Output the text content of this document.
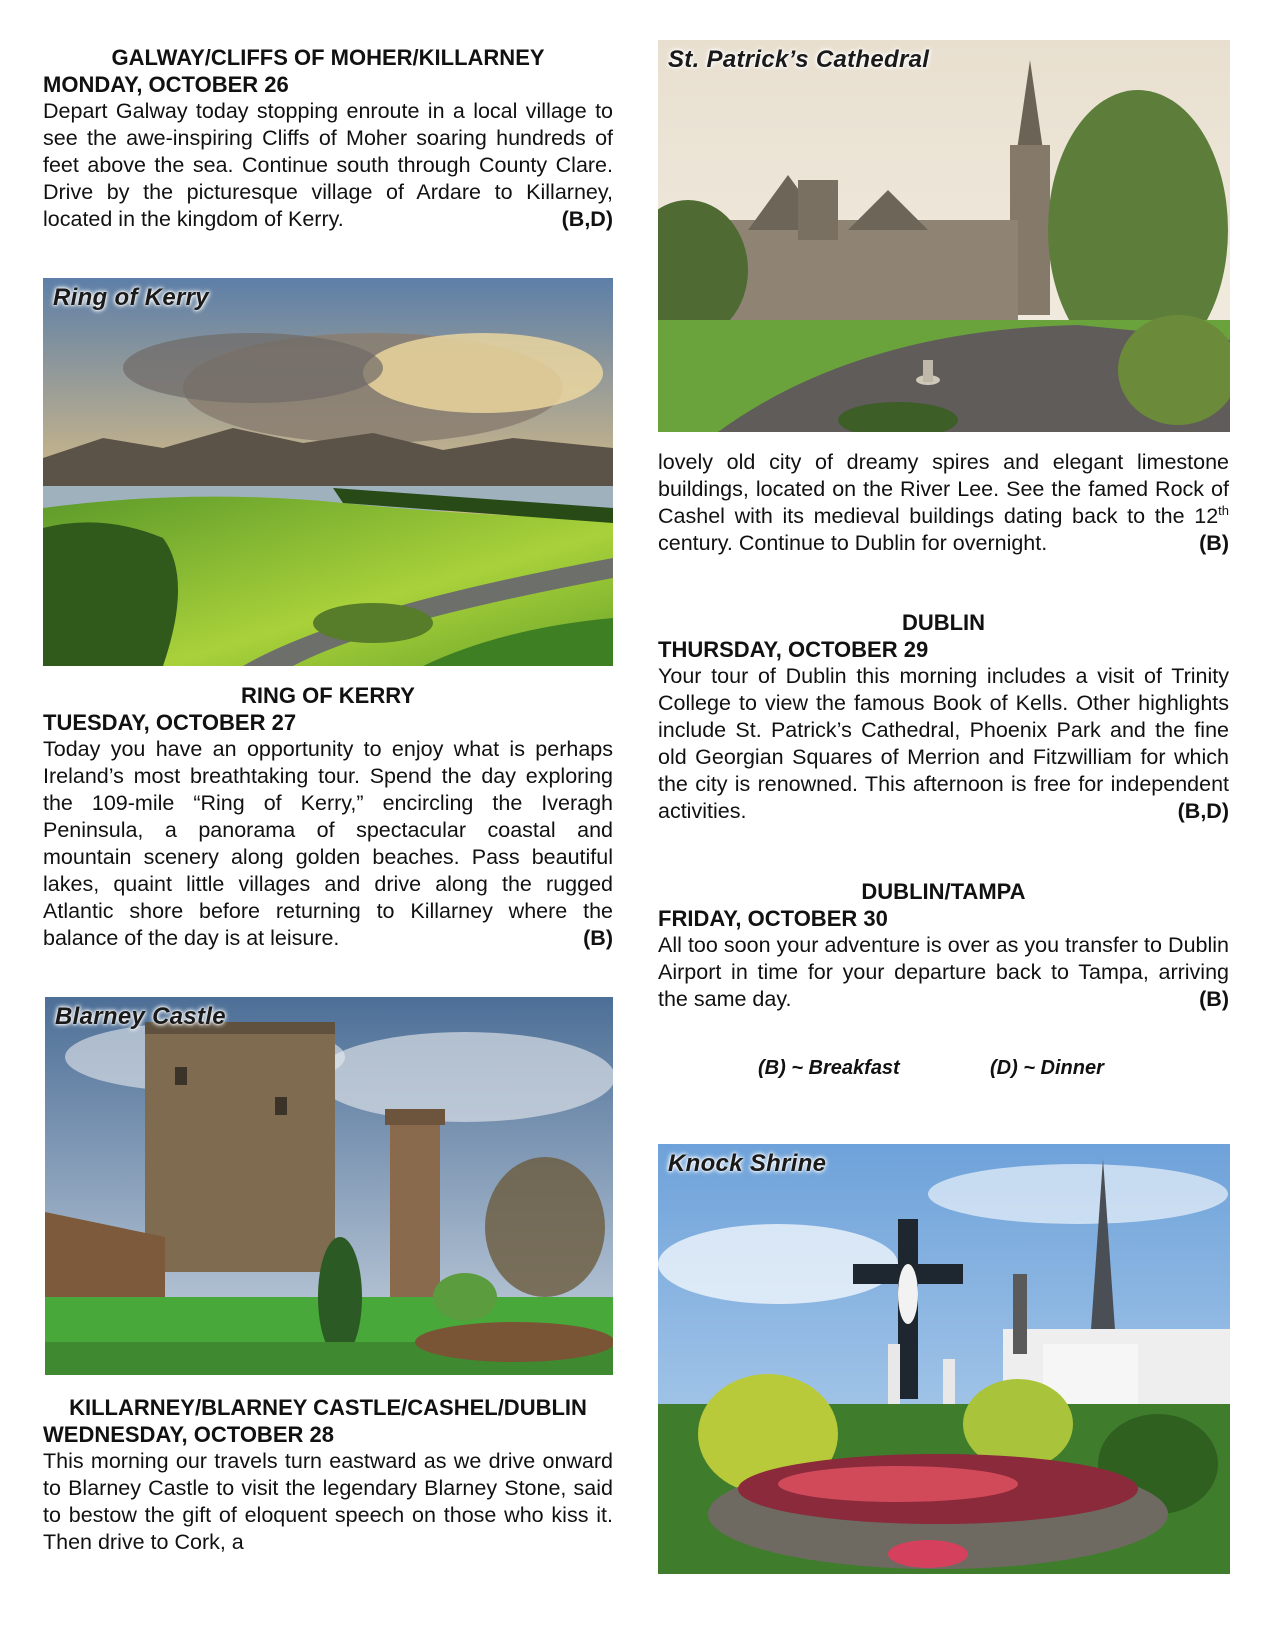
GALWAY/CLIFFS OF MOHER/KILLARNEY
MONDAY, OCTOBER 26
Depart Galway today stopping enroute in a local village to see the awe-inspiring Cliffs of Moher soaring hundreds of feet above the sea. Continue south through County Clare. Drive by the picturesque village of Ardare to Killarney, located in the kingdom of Kerry.	(B,D)
Ring of Kerry
RING OF KERRY
TUESDAY, OCTOBER 27
Today you have an opportunity to enjoy what is perhaps Ireland’s most breathtaking tour. Spend the day exploring the 109-mile “Ring of Kerry,” encircling the Iveragh Peninsula, a panorama of spectacular coastal and mountain scenery along golden beaches. Pass beautiful lakes, quaint little villages and drive along the rugged Atlantic shore before returning to Killarney where the balance of the day is at leisure.	(B)
Blarney Castle
KILLARNEY/BLARNEY CASTLE/CASHEL/DUBLIN
WEDNESDAY, OCTOBER 28
This morning our travels turn eastward as we drive onward to Blarney Castle to visit the legendary Blarney Stone, said to bestow the gift of eloquent speech on those who kiss it. Then drive to Cork, a
St. Patrick’s Cathedral
lovely old city of dreamy spires and elegant limestone buildings, located on the River Lee. See the famed Rock of Cashel with its medieval buildings dating back to the 12th century. Continue to Dublin for overnight.	(B)
DUBLIN
THURSDAY, OCTOBER 29
Your tour of Dublin this morning includes a visit of Trinity College to view the famous Book of Kells. Other highlights include St. Patrick’s Cathedral, Phoenix Park and the fine old Georgian Squares of Merrion and Fitzwilliam for which the city is renowned. This afternoon is free for independent activities.	(B,D)
DUBLIN/TAMPA
FRIDAY, OCTOBER 30
All too soon your adventure is over as you transfer to Dublin Airport in time for your departure back to Tampa, arriving the same day.	(B)
(B) ~ Breakfast	(D) ~ Dinner
Knock Shrine
